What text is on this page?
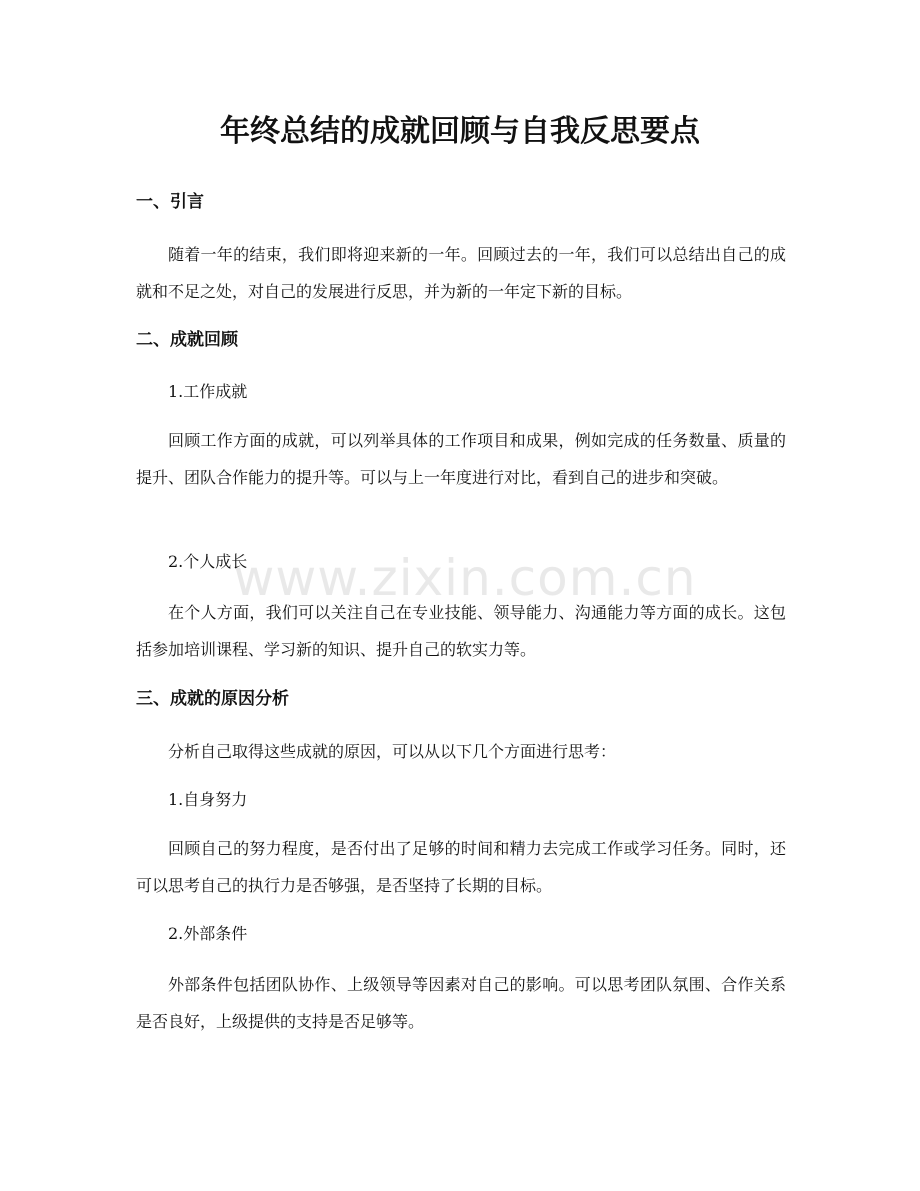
年终总结的成就回顾与自我反思要点
一、引言

随着一年的结束，我们即将迎来新的一年。回顾过去的一年，我们可以总结出自己的成就和不足之处，对自己的发展进行反思，并为新的一年定下新的目标。

二、成就回顾

1.工作成就

回顾工作方面的成就，可以列举具体的工作项目和成果，例如完成的任务数量、质量的提升、团队合作能力的提升等。可以与上一年度进行对比，看到自己的进步和突破。

2.个人成长

在个人方面，我们可以关注自己在专业技能、领导能力、沟通能力等方面的成长。这包括参加培训课程、学习新的知识、提升自己的软实力等。

三、成就的原因分析

分析自己取得这些成就的原因，可以从以下几个方面进行思考：

1.自身努力

回顾自己的努力程度，是否付出了足够的时间和精力去完成工作或学习任务。同时，还可以思考自己的执行力是否够强，是否坚持了长期的目标。

2.外部条件

外部条件包括团队协作、上级领导等因素对自己的影响。可以思考团队氛围、合作关系是否良好，上级提供的支持是否足够等。

www.zixin.com.cn
